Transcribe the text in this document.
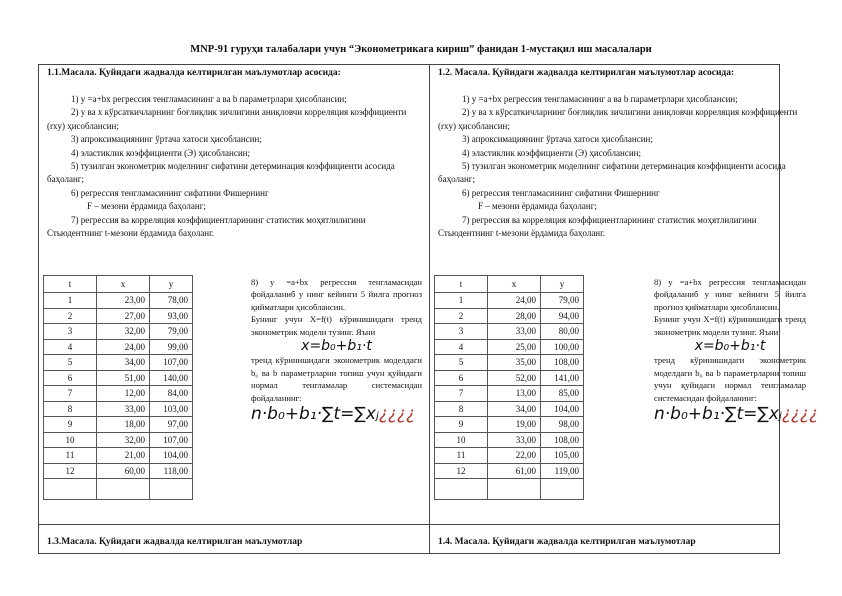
MNP-91 гуруҳи талабалари учун “Эконометрикага кириш” фанидан 1-мустақил иш масалалари
1.1.Масала. Қуйидаги жадвалда келтирилган маълумотлар асосида:
1) y =a+bx регрессия тенгламасининг a ва b параметрлари ҳисоблансин;
2) y ва x кўрсаткичларнинг боғлиқлик зичлигини аниқловчи корреляция коэффициенти (rxy) ҳисоблансин;
3) апроксимациянинг ўртача хатоси ҳисоблансин;
4) эластиклик коэффициенти (Э) ҳисоблансин;
5) тузилган эконометрик моделнинг сифатини детерминация коэффициенти асосида баҳоланг;
6) регрессия тенгламасининг сифатини Фишернинг
F – мезони ёрдамида баҳоланг;
7) регрессия ва корреляция коэффициентларининг статистик моҳятлилигини Стьюдентнинг t-мезони ёрдамида баҳоланг.
t	x	y
1	23,00	78,00
2	27,00	93,00
3	32,00	79,00
4	24,00	99,00
5	34,00	107,00
6	51,00	140,00
7	12,00	84,00
8	33,00	103,00
9	18,00	97,00
10	32,00	107,00
11	21,00	104,00
12	60,00	118,00

8) y =a+bx регрессия тенгламасидан фойдаланиб y нинг кейинги 5 йилга прогноз қийматлари ҳисоблансин.
Бунинг учун X=f(t) кўринишидаги тренд эконометрик модели тузинг. Яъни
x=b₀+b₁·t
тренд кўринишидаги эконометрик моделдаги b₀ ва b параметрларни топиш учун қуйидаги нормал тенгламалар системасидан фойдаланинг:
n·b₀+b₁·∑t=∑xⱼ¿¿¿¿
1.2. Масала. Қуйидаги жадвалда келтирилган маълумотлар асосида:
1) y =a+bx регрессия тенгламасининг a ва b параметрлари ҳисоблансин;
2) y ва x кўрсаткичларнинг боғлиқлик зичлигини аниқловчи корреляция коэффициенти (rxy) ҳисоблансин;
3) апроксимациянинг ўртача хатоси ҳисоблансин;
4) эластиклик коэффициенти (Э) ҳисоблансин;
5) тузилган эконометрик моделнинг сифатини детерминация коэффициенти асосида баҳоланг;
6) регрессия тенгламасининг сифатини Фишернинг
F – мезони ёрдамида баҳоланг;
7) регрессия ва корреляция коэффициентларининг статистик моҳятлилигини Стьюдентнинг t-мезони ёрдамида баҳоланг.
t	x	y
1	24,00	79,00
2	28,00	94,00
3	33,00	80,00
4	25,00	100,00
5	35,00	108,00
6	52,00	141,00
7	13,00	85,00
8	34,00	104,00
9	19,00	98,00
10	33,00	108,00
11	22,00	105,00
12	61,00	119,00

8) y =a+bx регрессия тенгламасидан фойдаланиб y нинг кейинги 5 йилга прогноз қийматлари ҳисоблансин.
Бунинг учун X=f(t) кўринишидаги тренд эконометрик модели тузинг. Яъни
x=b₀+b₁·t
тренд кўринишидаги эконометрик моделдаги b₀ ва b параметрларни топиш учун қуйидаги нормал тенгламалар системасидан фойдаланинг:
n·b₀+b₁·∑t=∑xⱼ¿¿¿¿
1.3.Масала. Қуйидаги жадвалда келтирилган маълумотлар	1.4. Масала. Қуйидаги жадвалда келтирилган маълумотлар
